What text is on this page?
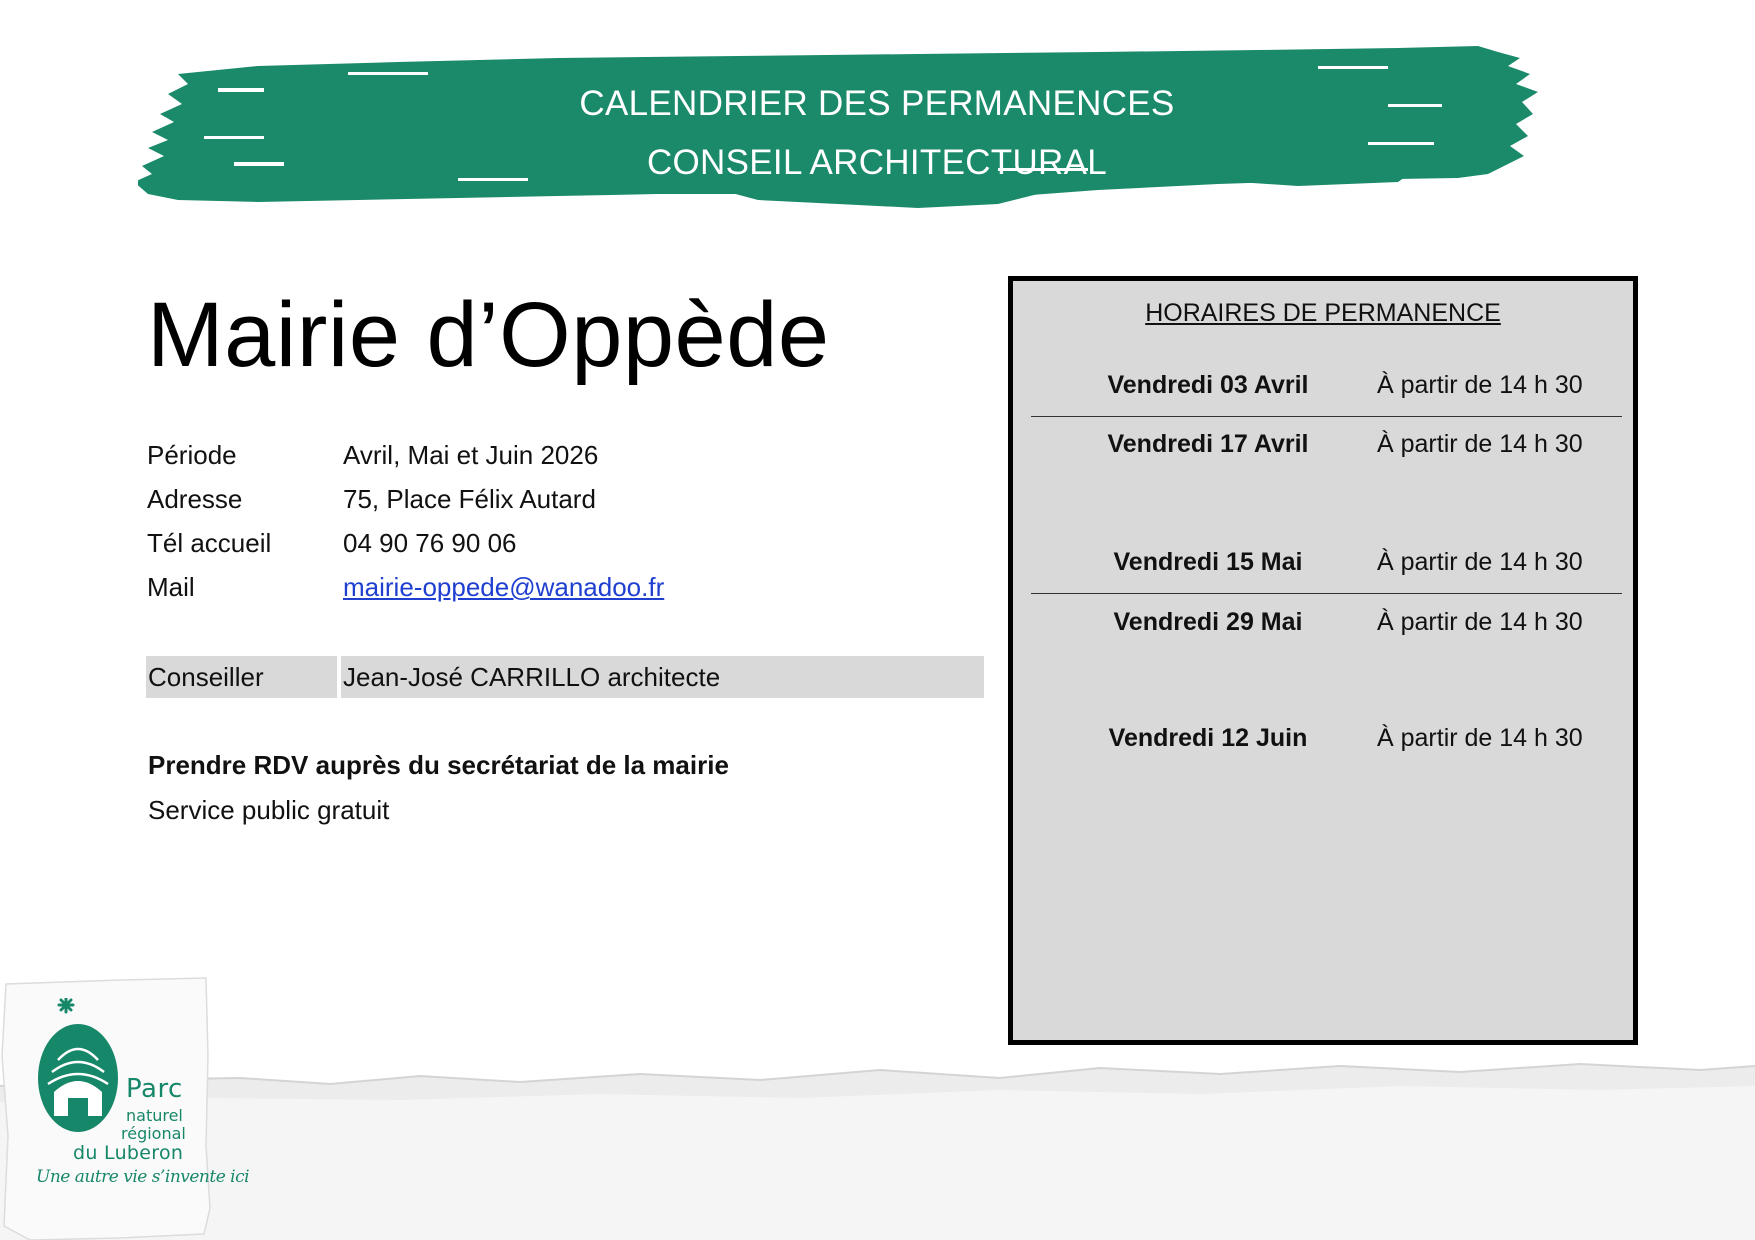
CALENDRIER DES PERMANENCES
CONSEIL ARCHITECTURAL
Mairie d’Oppède
Période	Avril, Mai et Juin 2026
Adresse	75, Place Félix Autard
Tél accueil	04 90 76 90 06
Mail	mairie-oppede@wanadoo.fr
Conseiller	Jean-José CARRILLO architecte
Prendre RDV auprès du secrétariat de la mairie
Service public gratuit
HORAIRES DE PERMANENCE
Vendredi 03 Avril	À partir de 14 h 30
Vendredi 17 Avril	À partir de 14 h 30
Vendredi 15 Mai	À partir de 14 h 30
Vendredi 29 Mai	À partir de 14 h 30
Vendredi 12 Juin	À partir de 14 h 30
Parc
naturel
régional
du Luberon
Une autre vie s’invente ici
